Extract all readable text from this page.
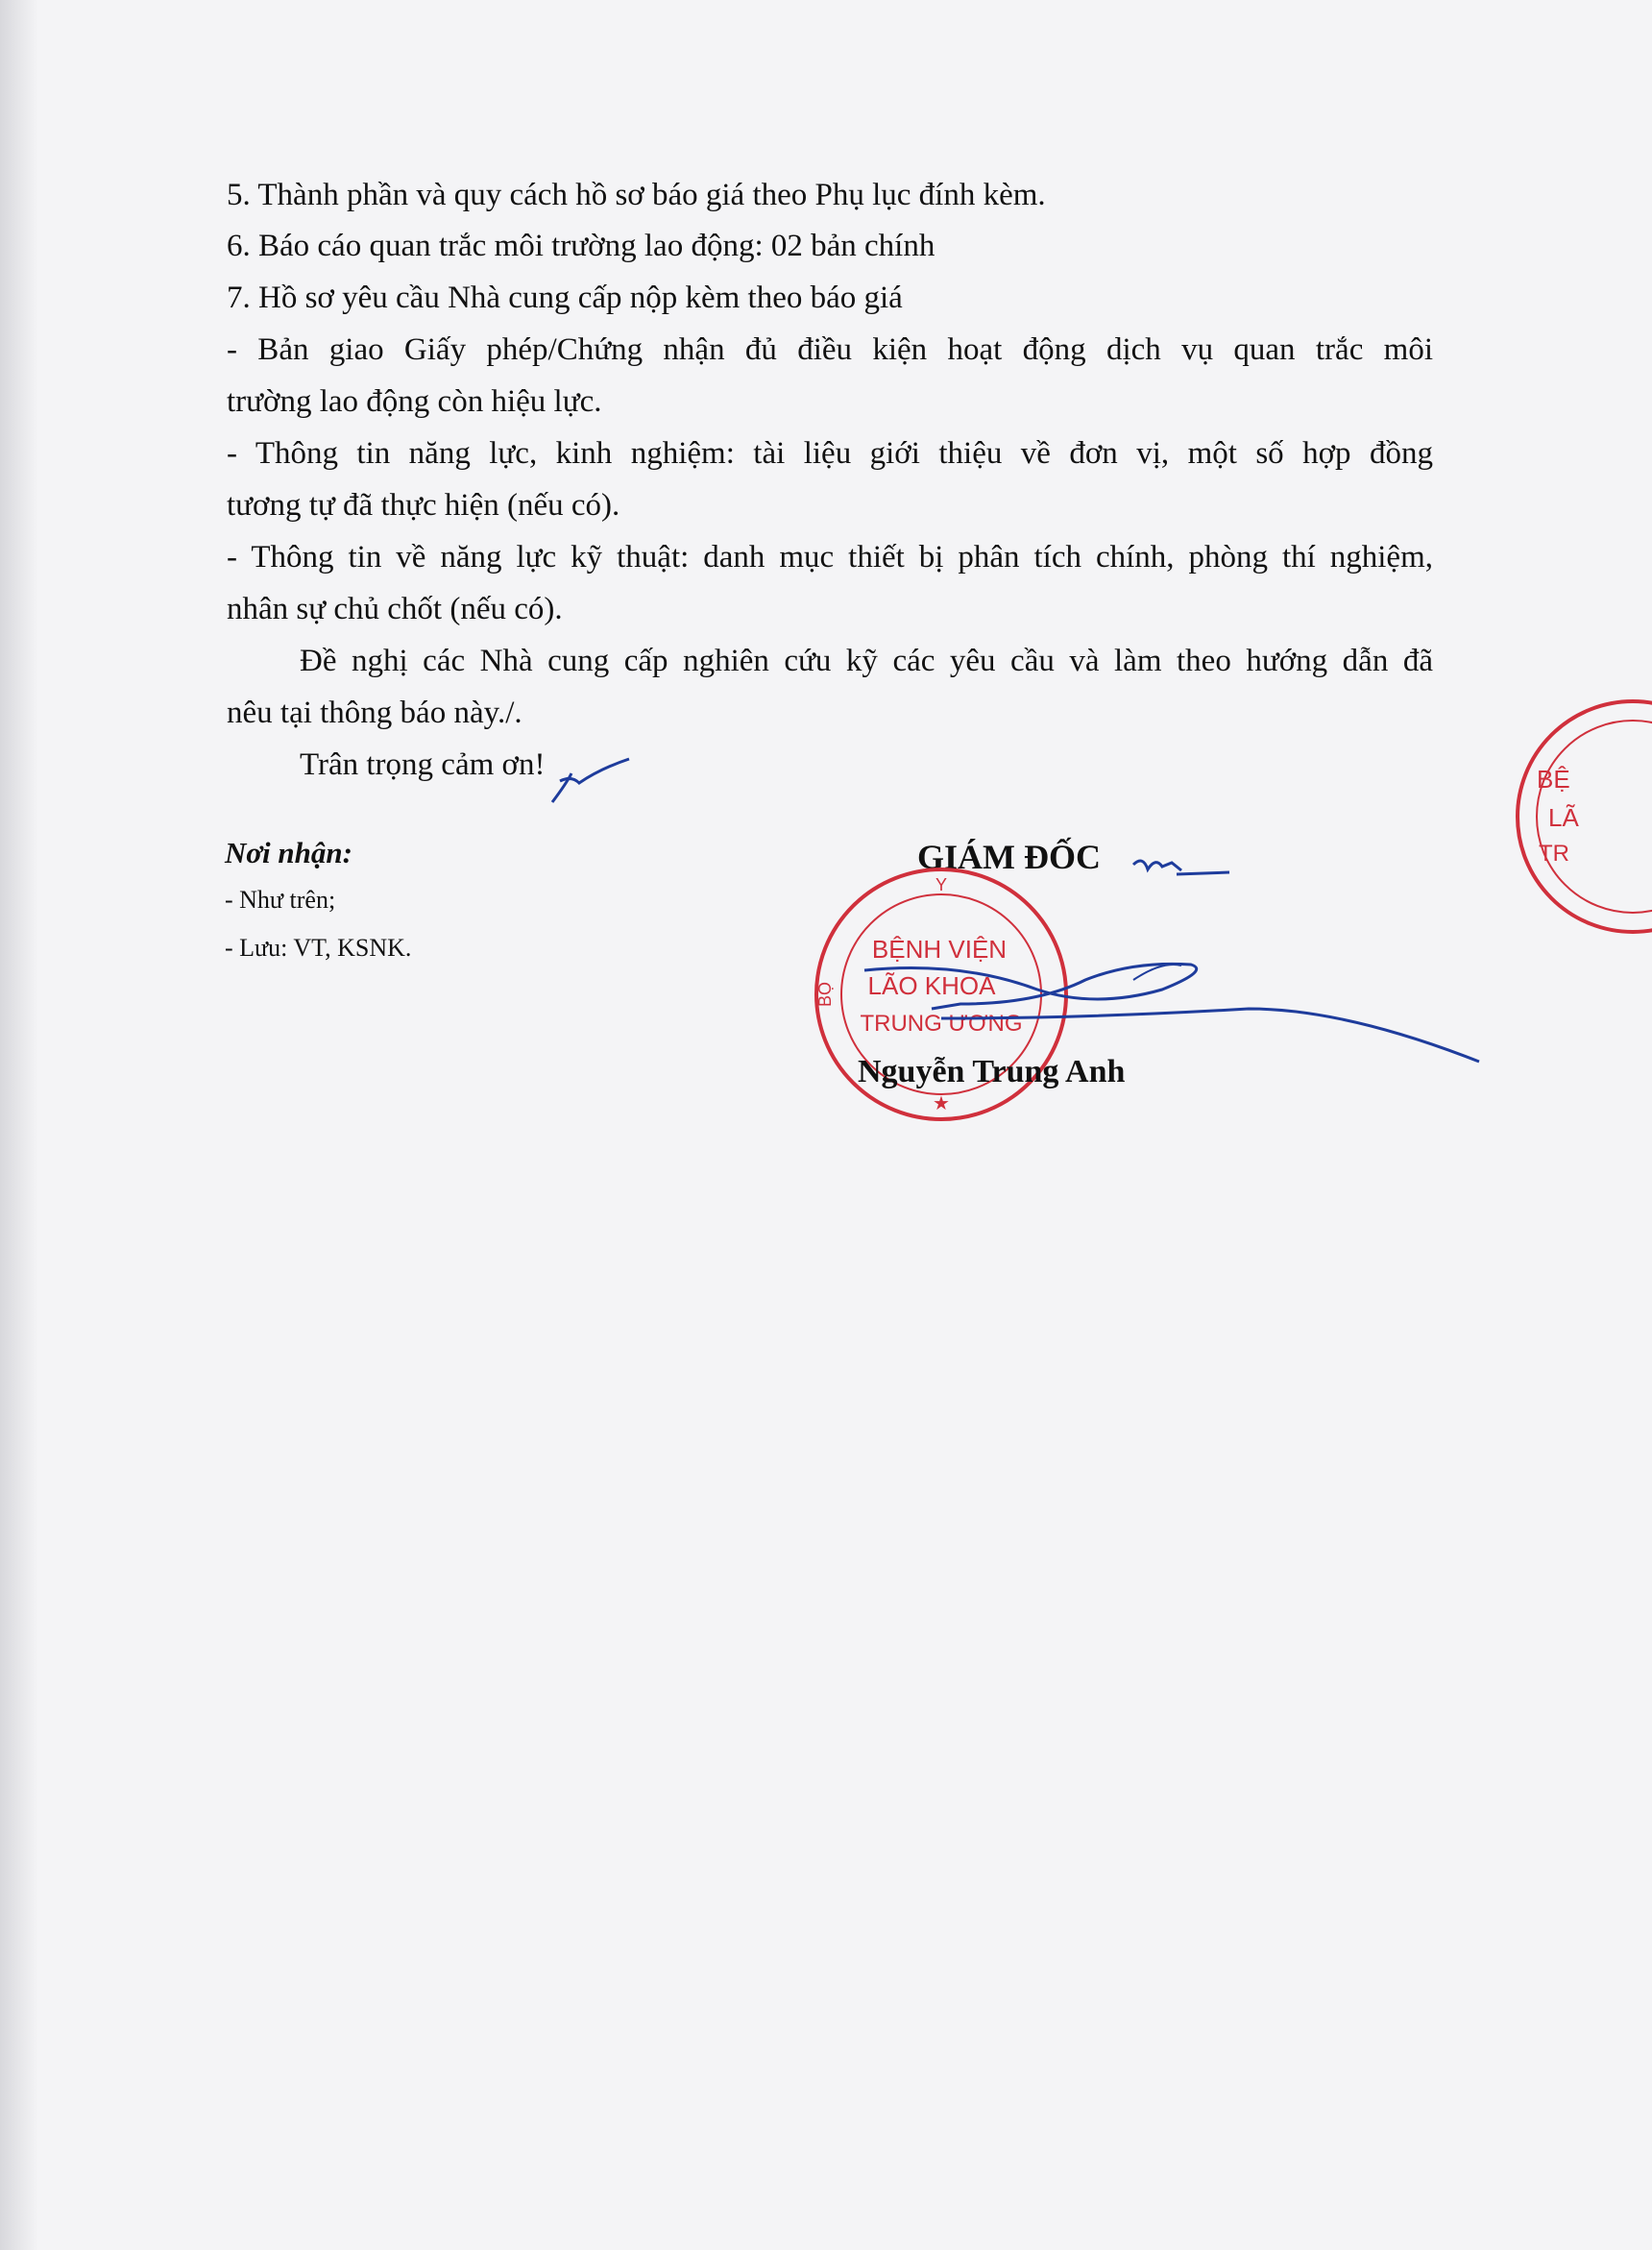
5. Thành phần và quy cách hồ sơ báo giá theo Phụ lục đính kèm.
6. Báo cáo quan trắc môi trường lao động: 02 bản chính
7. Hồ sơ yêu cầu Nhà cung cấp nộp kèm theo báo giá
- Bản giao Giấy phép/Chứng nhận đủ điều kiện hoạt động dịch vụ quan trắc môi
trường lao động còn hiệu lực.
- Thông tin năng lực, kinh nghiệm: tài liệu giới thiệu về đơn vị, một số hợp đồng
tương tự đã thực hiện (nếu có).
- Thông tin về năng lực kỹ thuật: danh mục thiết bị phân tích chính, phòng thí nghiệm,
nhân sự chủ chốt (nếu có).
Đề nghị các Nhà cung cấp nghiên cứu kỹ các yêu cầu và làm theo hướng dẫn đã
nêu tại thông báo này./.
Trân trọng cảm ơn!
Nơi nhận:
- Như trên;
- Lưu: VT, KSNK.
GIÁM ĐỐC
Y
BỘ
BỆNH VIỆN
LÃO KHOA
TRUNG ƯƠNG
★
Nguyễn Trung Anh
BỆ
LÃ
TR
